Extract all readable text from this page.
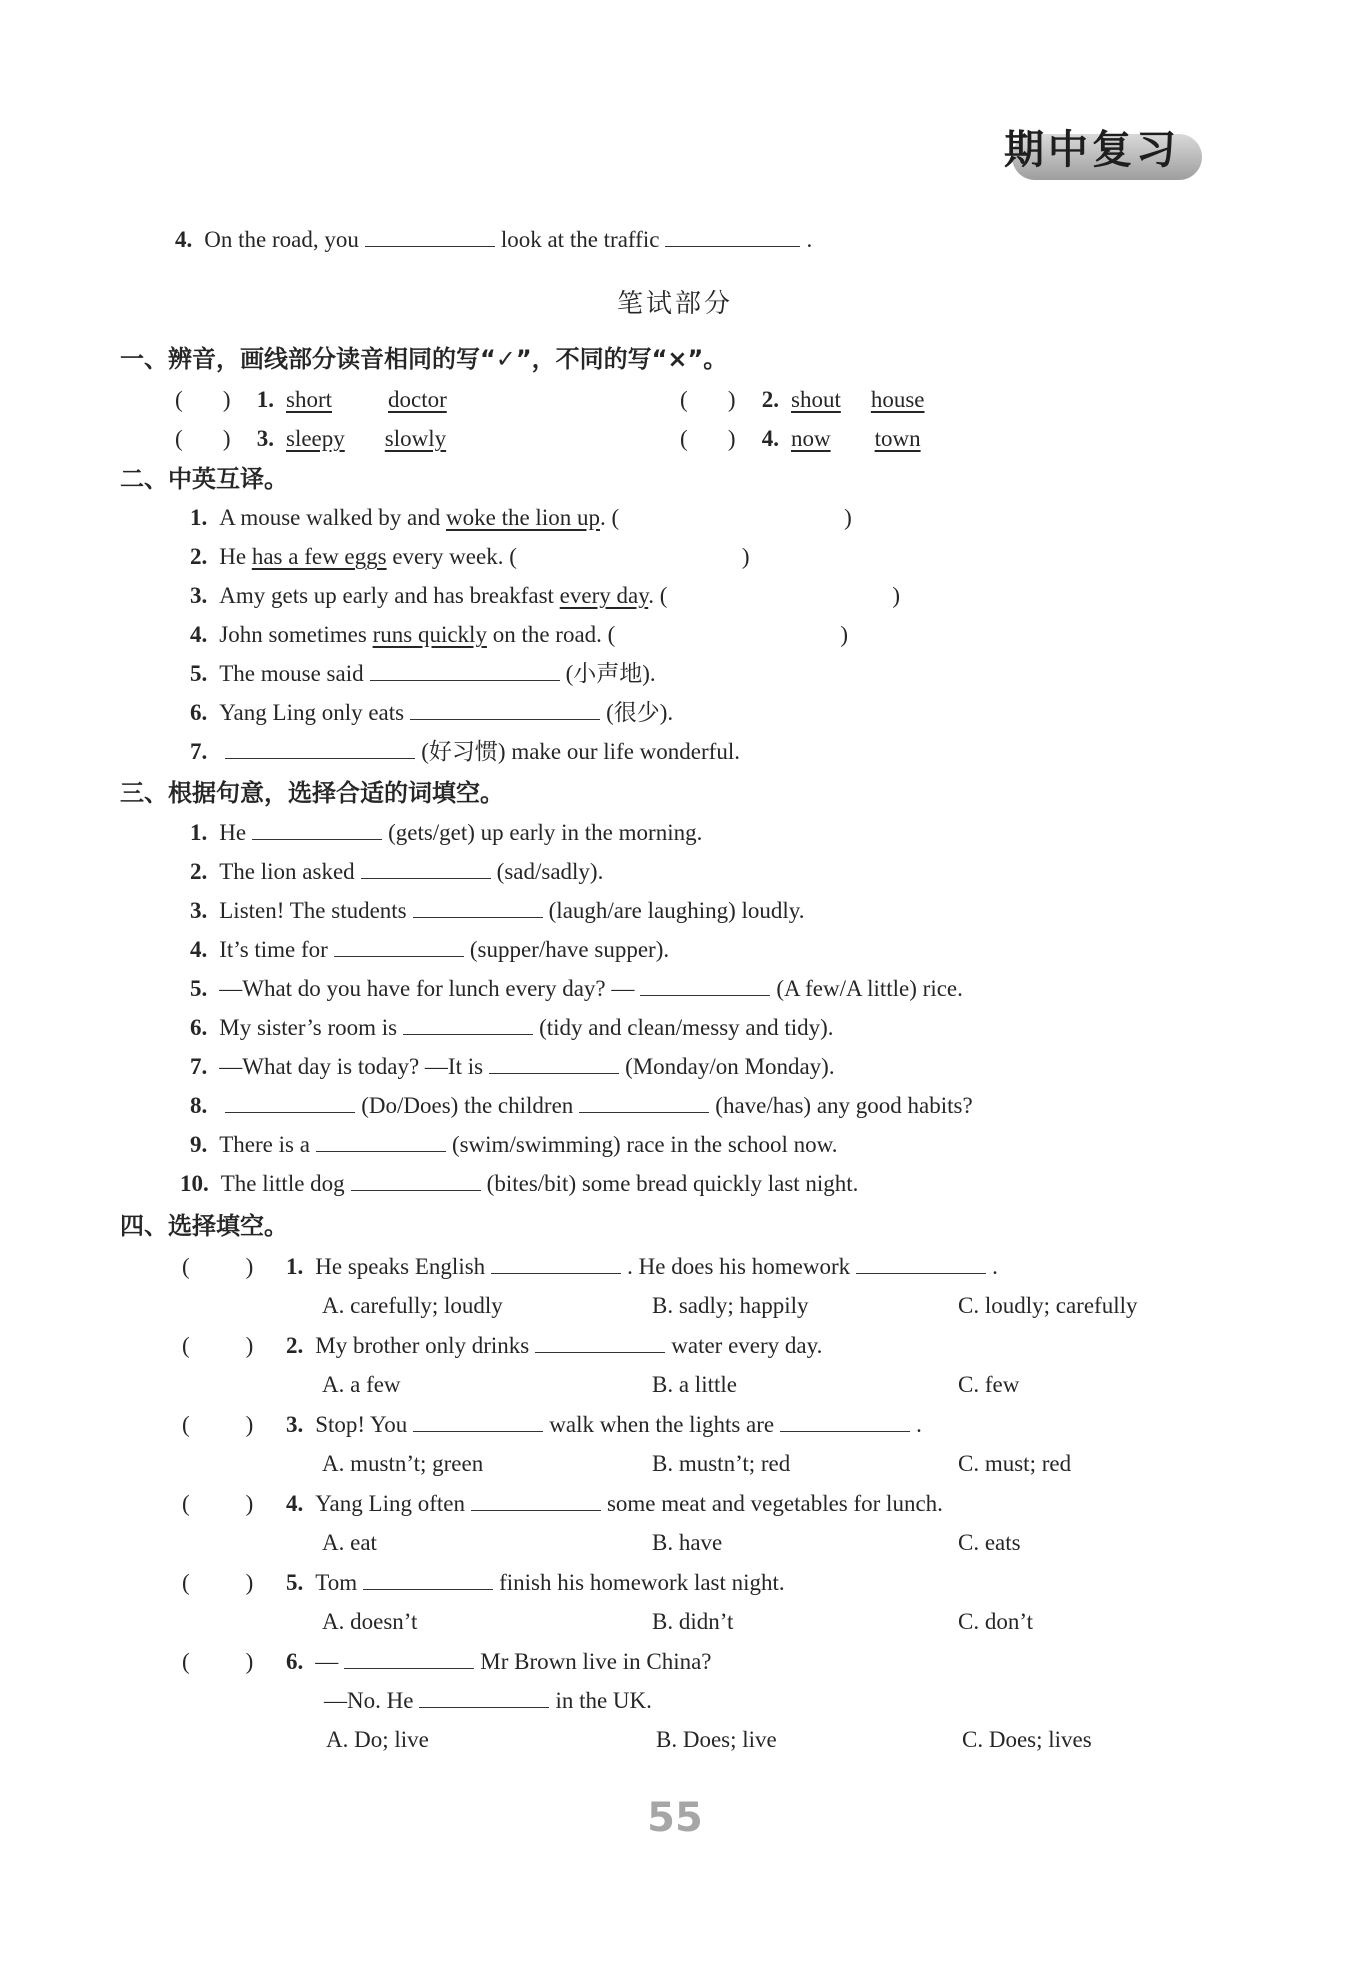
期中复习
4. On the road, you	look at the traffic	.
笔试部分
一、辨音，画线部分读音相同的写“✓”，不同的写“×”。
(       ) 1. short doctor	(       ) 2. shout house
(       ) 3. sleepy slowly	(       ) 4. now town
二、中英互译。
1. A mouse walked by and woke the lion up. (	)
2. He has a few eggs every week. (	)
3. Amy gets up early and has breakfast every day. (	)
4. John sometimes runs quickly on the road. (	)
5. The mouse said	(小声地).
6. Yang Ling only eats	(很少).
7.	(好习惯) make our life wonderful.
三、根据句意，选择合适的词填空。
1. He	(gets/get) up early in the morning.
2. The lion asked	(sad/sadly).
3. Listen! The students	(laugh/are laughing) loudly.
4. It’s time for	(supper/have supper).
5. —What do you have for lunch every day? —	(A few/A little) rice.
6. My sister’s room is	(tidy and clean/messy and tidy).
7. —What day is today? —It is	(Monday/on Monday).
8.	(Do/Does) the children	(have/has) any good habits?
9. There is a	(swim/swimming) race in the school now.
10. The little dog	(bites/bit) some bread quickly last night.
四、选择填空。
( ) 1. He speaks English	. He does his homework	.
A. carefully; loudly	B. sadly; happily	C. loudly; carefully
( ) 2. My brother only drinks	water every day.
A. a few	B. a little	C. few
( ) 3. Stop! You	walk when the lights are	.
A. mustn’t; green	B. mustn’t; red	C. must; red
( ) 4. Yang Ling often	some meat and vegetables for lunch.
A. eat	B. have	C. eats
( ) 5. Tom	finish his homework last night.
A. doesn’t	B. didn’t	C. don’t
( ) 6. —	Mr Brown live in China?
—No. He	in the UK.
A. Do; live	B. Does; live	C. Does; lives
55
